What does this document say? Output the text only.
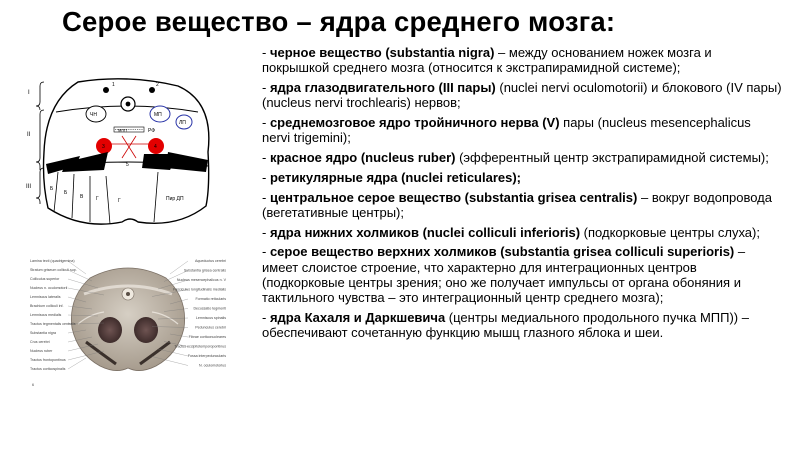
Серое вещество – ядра среднего мозга:
I
II
III
1	2
ЧН	МП
ЛП
МПП	РФ
3	4
5
Б
Б
В	Г	Г	Пир ДП
Lamina tecti (quadrigemina)
Stratum griseum colliculi sup.
Colliculus superior
Nucleus n. oculomotorii
Lemniscus lateralis
Brachium colliculi inf.
Lemniscus medialis
Tractus tegmentalis centralis
Substantia nigra
Crus cerebri
Nucleus ruber
Tractus frontopontinus
Tractus corticospinalis
Aqueductus cerebri
Substantia grisea centralis
Nucleus mesencephalicus n. V
Fasciculus longitudinalis medialis
Formatio reticularis
Decussatio tegmenti
Lemniscus spinalis
Pedunculus cerebri
Fibrae corticonucleares
Tractus occipitotemporopontinus
Fossa interpeduncularis
N. oculomotorius
6

- черное вещество (substantia nigra) – между основанием ножек мозга и покрышкой среднего мозга (относится к экстрапирамидной системе);

- ядра глазодвигательного (III пары) (nuclei nervi oculomotorii) и блокового (IV пары) (nucleus nervi trochlearis) нервов;

- среднемозговое ядро тройничного нерва (V) пары (nucleus mesencephalicus nervi trigemini);

- красное ядро (nucleus ruber) (эфферентный центр экстрапирамидной системы);

- ретикулярные ядра (nuclei reticulares);

- центральное серое вещество (substantia grisea centralis) – вокруг водопровода (вегетативные центры);

- ядра нижних холмиков (nuclei colliculi inferioris) (подкорковые центры слуха);

- серое вещество верхних холмиков (substantia grisea colliculi superioris) – имеет слоистое строение, что характерно для интеграционных центров (подкорковые центры зрения; оно же получает импульсы от органа обоняния и тактильного чувства – это интеграционный центр среднего мозга);

- ядра Кахаля и Даркшевича (центры медиального продольного пучка МПП)) – обеспечивают сочетанную функцию мышц глазного яблока и шеи.
